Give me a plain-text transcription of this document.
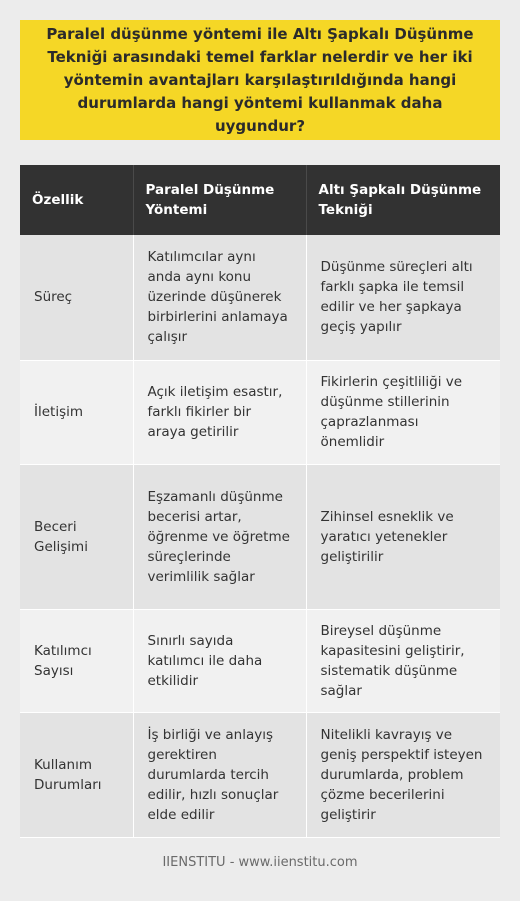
Paralel düşünme yöntemi ile Altı Şapkalı Düşünme Tekniği arasındaki temel farklar nelerdir ve her iki yöntemin avantajları karşılaştırıldığında hangi durumlarda hangi yöntemi kullanmak daha uygundur?
Özellik	Paralel Düşünme Yöntemi	Altı Şapkalı Düşünme Tekniği
Süreç	Katılımcılar aynı anda aynı konu üzerinde düşünerek birbirlerini anlamaya çalışır	Düşünme süreçleri altı farklı şapka ile temsil edilir ve her şapkaya geçiş yapılır
İletişim	Açık iletişim esastır, farklı fikirler bir araya getirilir	Fikirlerin çeşitliliği ve düşünme stillerinin çaprazlanması önemlidir
Beceri Gelişimi	Eşzamanlı düşünme becerisi artar, öğrenme ve öğretme süreçlerinde verimlilik sağlar	Zihinsel esneklik ve yaratıcı yetenekler geliştirilir
Katılımcı Sayısı	Sınırlı sayıda katılımcı ile daha etkilidir	Bireysel düşünme kapasitesini geliştirir, sistematik düşünme sağlar
Kullanım Durumları	İş birliği ve anlayış gerektiren durumlarda tercih edilir, hızlı sonuçlar elde edilir	Nitelikli kavrayış ve geniş perspektif isteyen durumlarda, problem çözme becerilerini geliştirir
IIENSTITU - www.iienstitu.com
